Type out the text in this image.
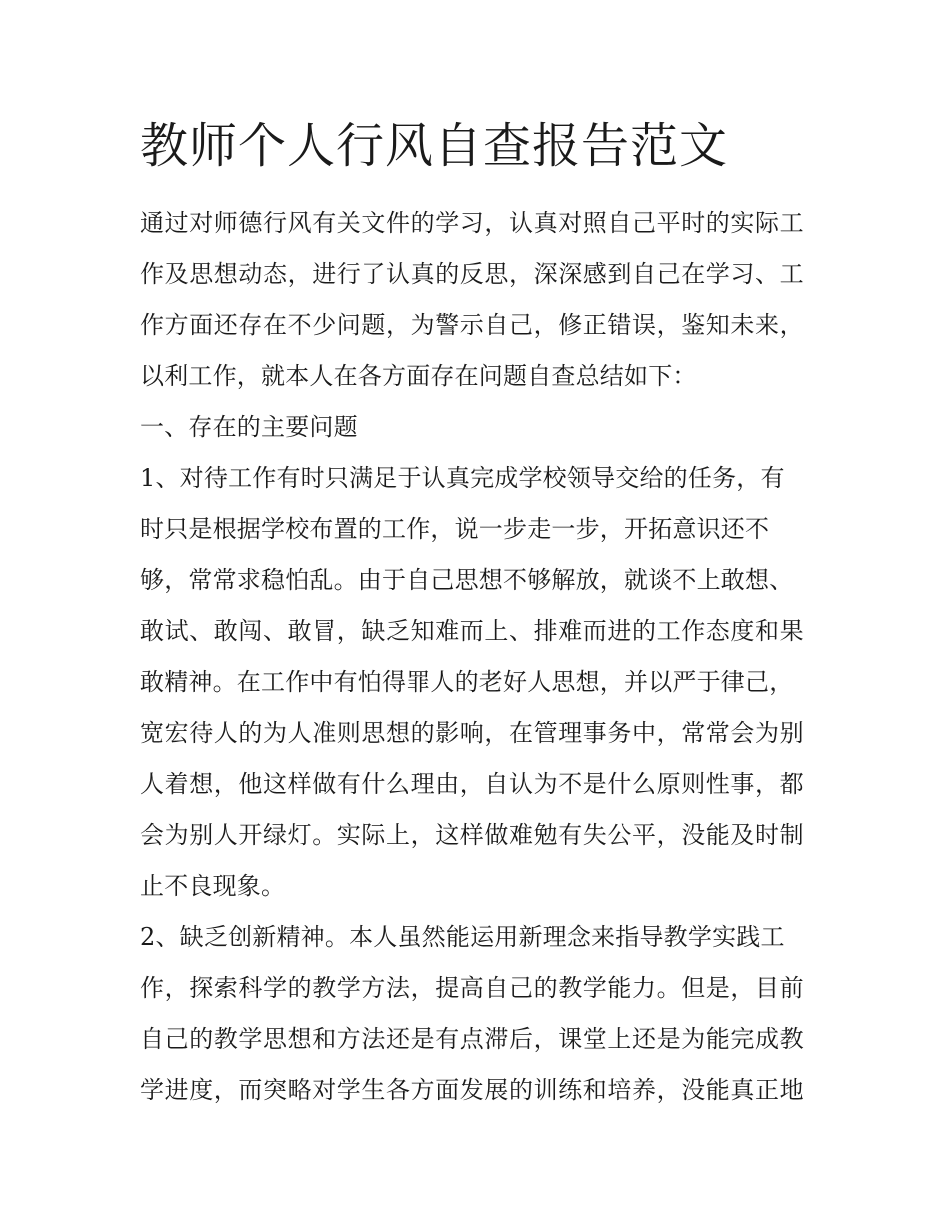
教师个人行风自查报告范文
通过对师德行风有关文件的学习，认真对照自己平时的实际工
作及思想动态，进行了认真的反思，深深感到自己在学习、工
作方面还存在不少问题，为警示自己，修正错误，鉴知未来，
以利工作，就本人在各方面存在问题自查总结如下：
一、存在的主要问题
1、对待工作有时只满足于认真完成学校领导交给的任务，有
时只是根据学校布置的工作，说一步走一步，开拓意识还不
够，常常求稳怕乱。由于自己思想不够解放，就谈不上敢想、
敢试、敢闯、敢冒，缺乏知难而上、排难而进的工作态度和果
敢精神。在工作中有怕得罪人的老好人思想，并以严于律己，
宽宏待人的为人准则思想的影响，在管理事务中，常常会为别
人着想，他这样做有什么理由，自认为不是什么原则性事，都
会为别人开绿灯。实际上，这样做难勉有失公平，没能及时制
止不良现象。
2、缺乏创新精神。本人虽然能运用新理念来指导教学实践工
作，探索科学的教学方法，提高自己的教学能力。但是，目前
自己的教学思想和方法还是有点滞后，课堂上还是为能完成教
学进度，而突略对学生各方面发展的训练和培养，没能真正地
